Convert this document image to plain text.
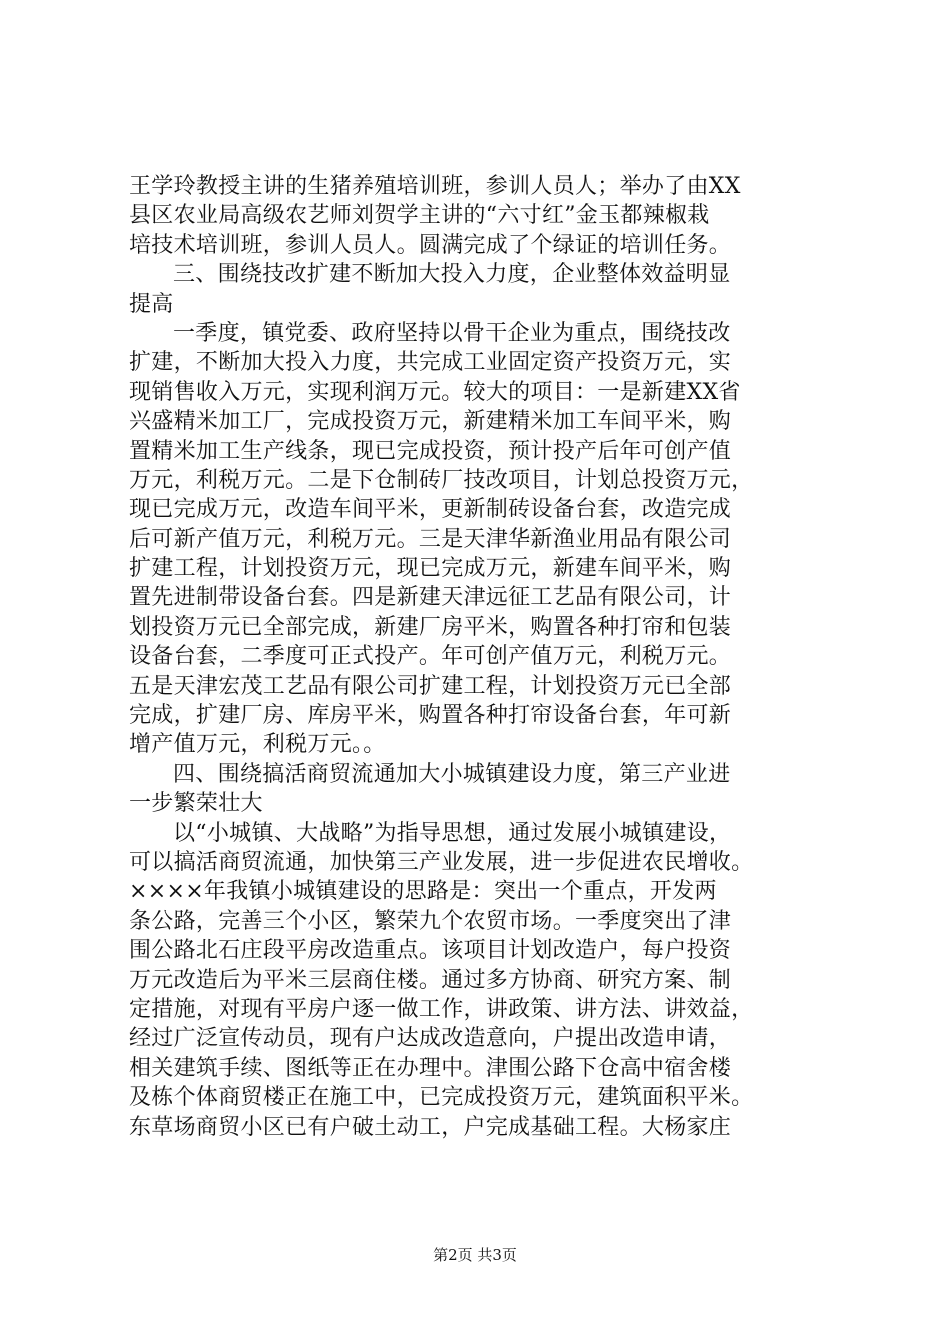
王学玲教授主讲的生猪养殖培训班，参训人员人；举办了由XX
县区农业局高级农艺师刘贺学主讲的“六寸红”金玉都辣椒栽
培技术培训班，参训人员人。圆满完成了个绿证的培训任务。
三、围绕技改扩建不断加大投入力度，企业整体效益明显
提高
一季度，镇党委、政府坚持以骨干企业为重点，围绕技改
扩建，不断加大投入力度，共完成工业固定资产投资万元，实
现销售收入万元，实现利润万元。较大的项目：一是新建XX省
兴盛精米加工厂，完成投资万元，新建精米加工车间平米，购
置精米加工生产线条，现已完成投资，预计投产后年可创产值
万元，利税万元。二是下仓制砖厂技改项目，计划总投资万元，
现已完成万元，改造车间平米，更新制砖设备台套，改造完成
后可新产值万元，利税万元。三是天津华新渔业用品有限公司
扩建工程，计划投资万元，现已完成万元，新建车间平米，购
置先进制带设备台套。四是新建天津远征工艺品有限公司，计
划投资万元已全部完成，新建厂房平米，购置各种打帘和包装
设备台套，二季度可正式投产。年可创产值万元，利税万元。
五是天津宏茂工艺品有限公司扩建工程，计划投资万元已全部
完成，扩建厂房、库房平米，购置各种打帘设备台套，年可新
增产值万元，利税万元。。
四、围绕搞活商贸流通加大小城镇建设力度，第三产业进
一步繁荣壮大
以“小城镇、大战略”为指导思想，通过发展小城镇建设，
可以搞活商贸流通，加快第三产业发展，进一步促进农民增收。
××××年我镇小城镇建设的思路是：突出一个重点，开发两
条公路，完善三个小区，繁荣九个农贸市场。一季度突出了津
围公路北石庄段平房改造重点。该项目计划改造户，每户投资
万元改造后为平米三层商住楼。通过多方协商、研究方案、制
定措施，对现有平房户逐一做工作，讲政策、讲方法、讲效益，
经过广泛宣传动员，现有户达成改造意向，户提出改造申请，
相关建筑手续、图纸等正在办理中。津围公路下仓高中宿舍楼
及栋个体商贸楼正在施工中，已完成投资万元，建筑面积平米。
东草场商贸小区已有户破土动工，户完成基础工程。大杨家庄
第2页 共3页
